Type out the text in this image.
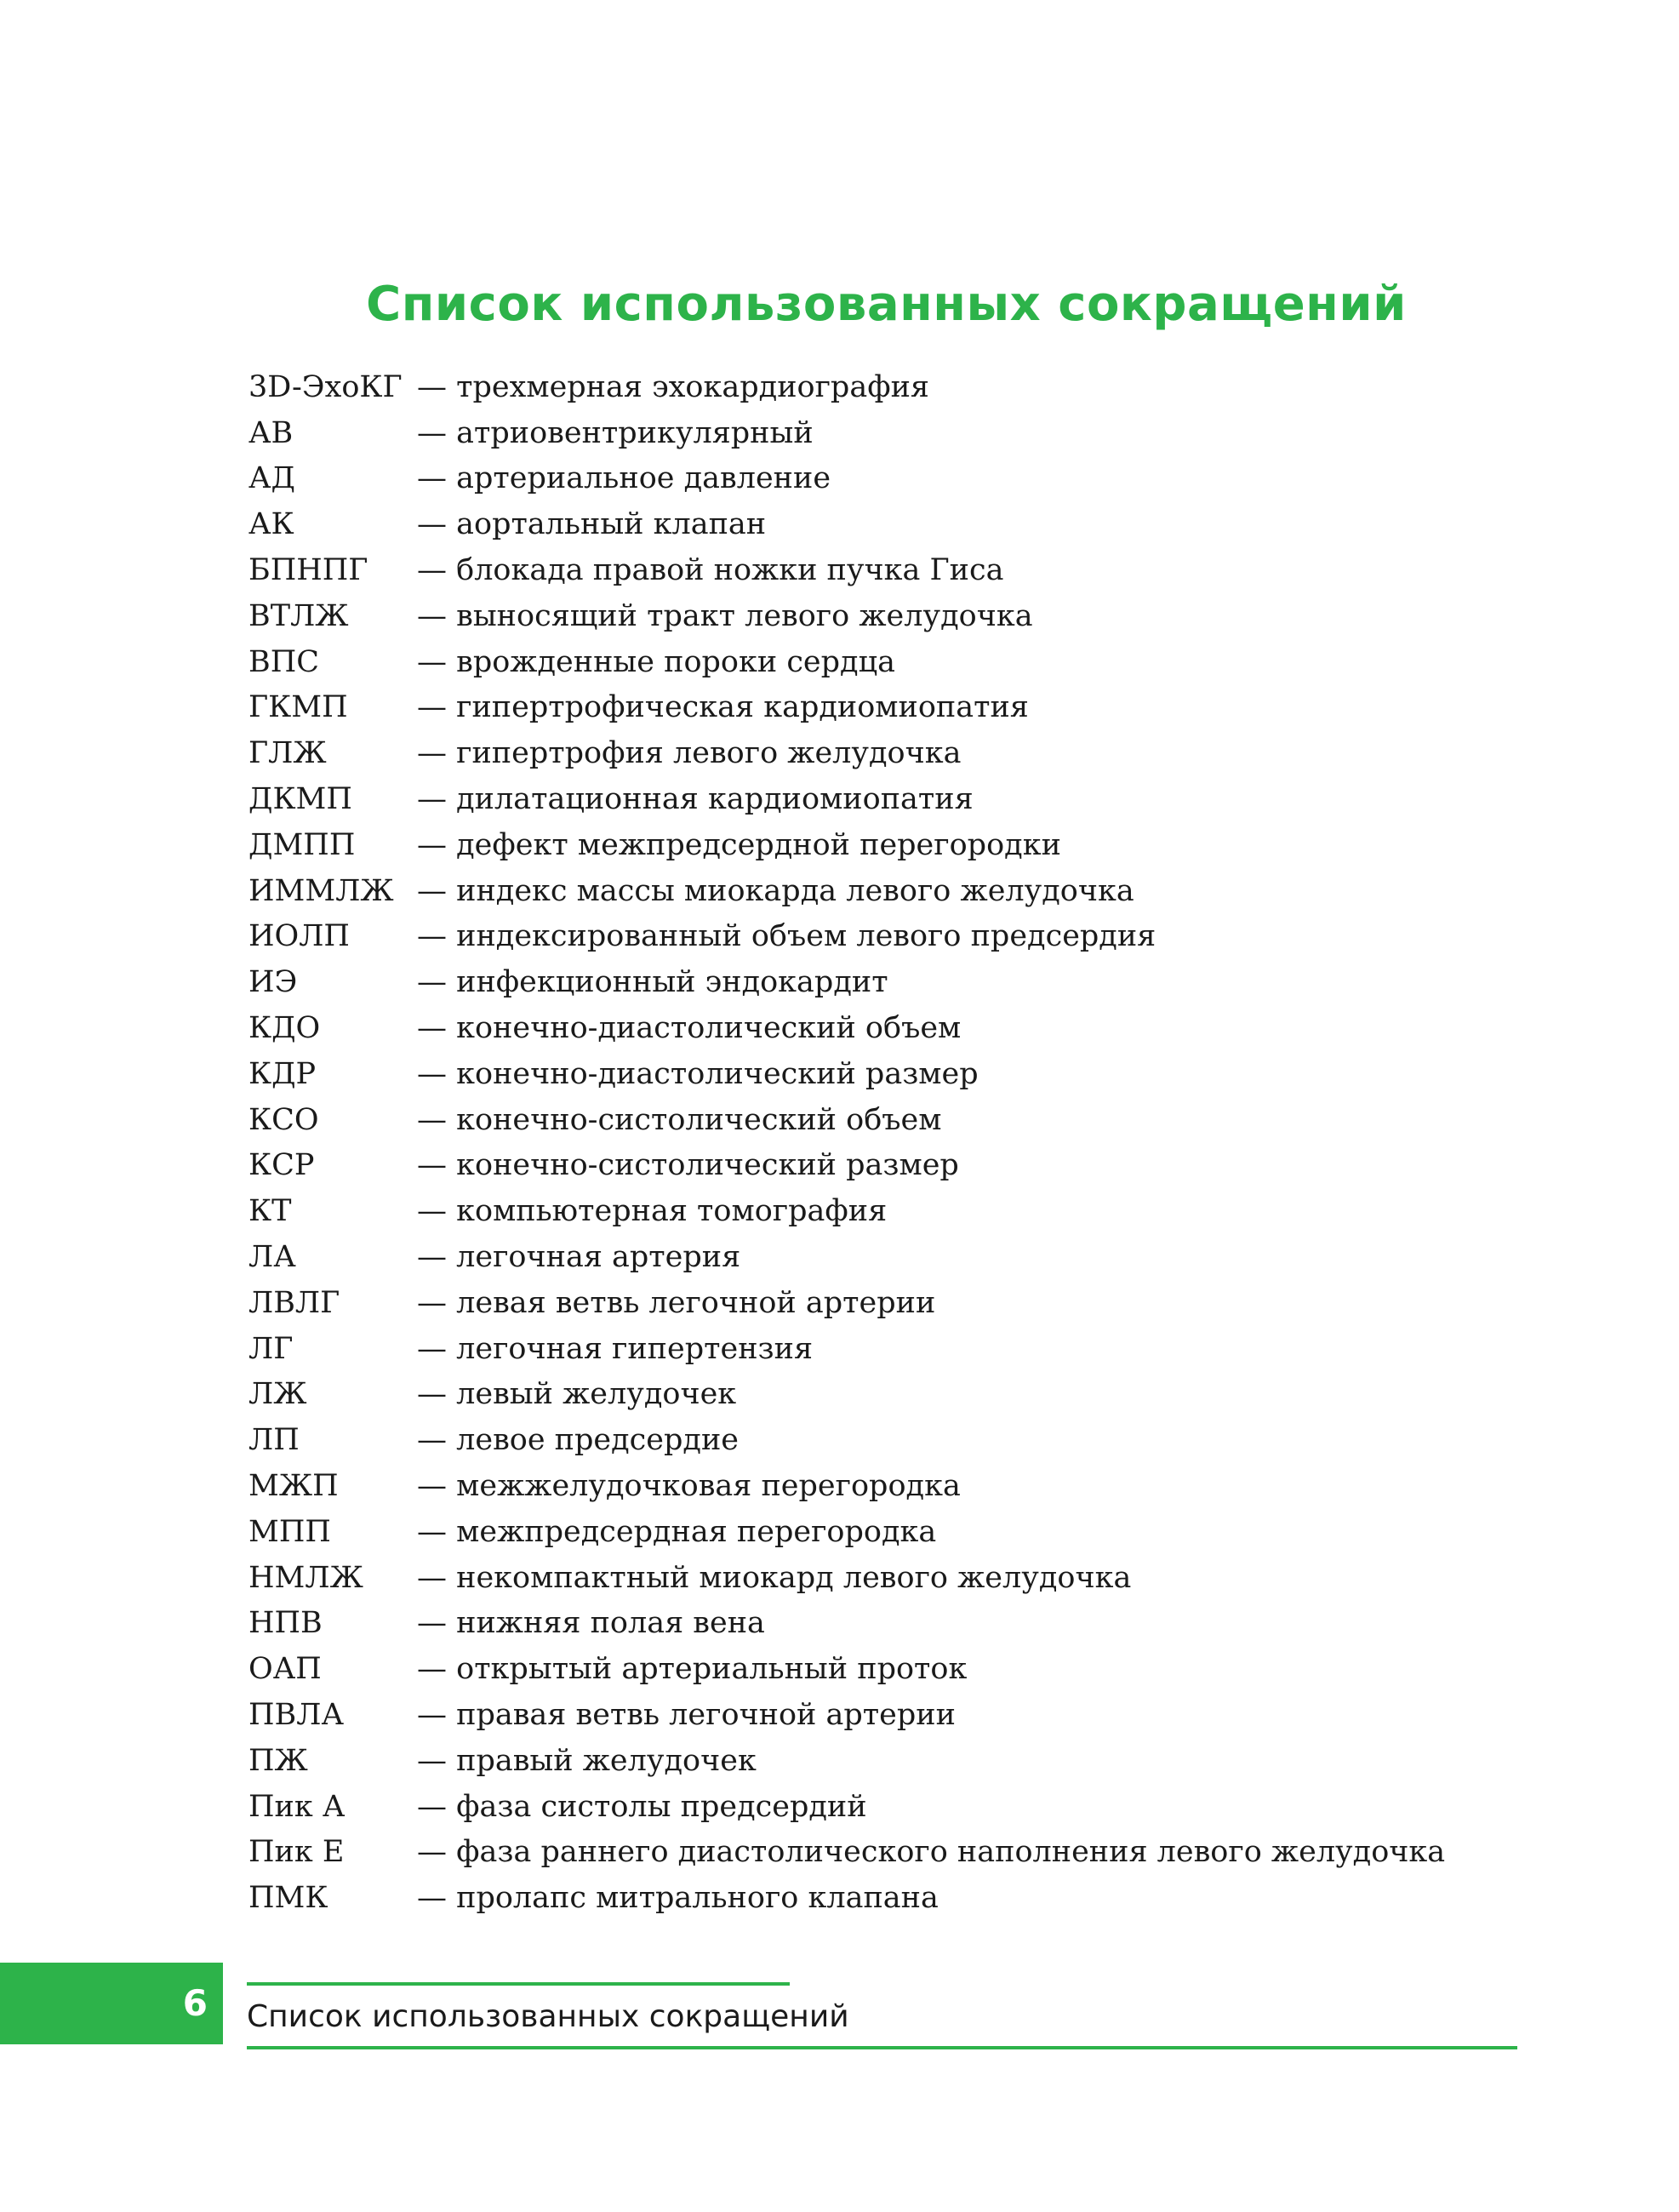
Список использованных сокращений
3D-ЭхоКГ — трехмерная эхокардиография
АВ	— атриовентрикулярный
АД	— артериальное давление
АК	— аортальный клапан
БПНПГ	— блокада правой ножки пучка Гиса
ВТЛЖ	— выносящий тракт левого желудочка
ВПС	— врожденные пороки сердца
ГКМП	— гипертрофическая кардиомиопатия
ГЛЖ	— гипертрофия левого желудочка
ДКМП	— дилатационная кардиомиопатия
ДМПП	— дефект межпредсердной перегородки
ИММЛЖ — индекс массы миокарда левого желудочка
ИОЛП	— индексированный объем левого предсердия
ИЭ	— инфекционный эндокардит
КДО	— конечно-диастолический объем
КДР	— конечно-диастолический размер
КСО	— конечно-систолический объем
КСР	— конечно-систолический размер
КТ	— компьютерная томография
ЛА	— легочная артерия
ЛВЛГ	— левая ветвь легочной артерии
ЛГ	— легочная гипертензия
ЛЖ	— левый желудочек
ЛП	— левое предсердие
МЖП	— межжелудочковая перегородка
МПП	— межпредсердная перегородка
НМЛЖ	— некомпактный миокард левого желудочка
НПВ	— нижняя полая вена
ОАП	— открытый артериальный проток
ПВЛА	— правая ветвь легочной артерии
ПЖ	— правый желудочек
Пик А	— фаза систолы предсердий
Пик Е	— фаза раннего диастолического наполнения левого желудочка
ПМК	— пролапс митрального клапана
6 Список использованных сокращений
